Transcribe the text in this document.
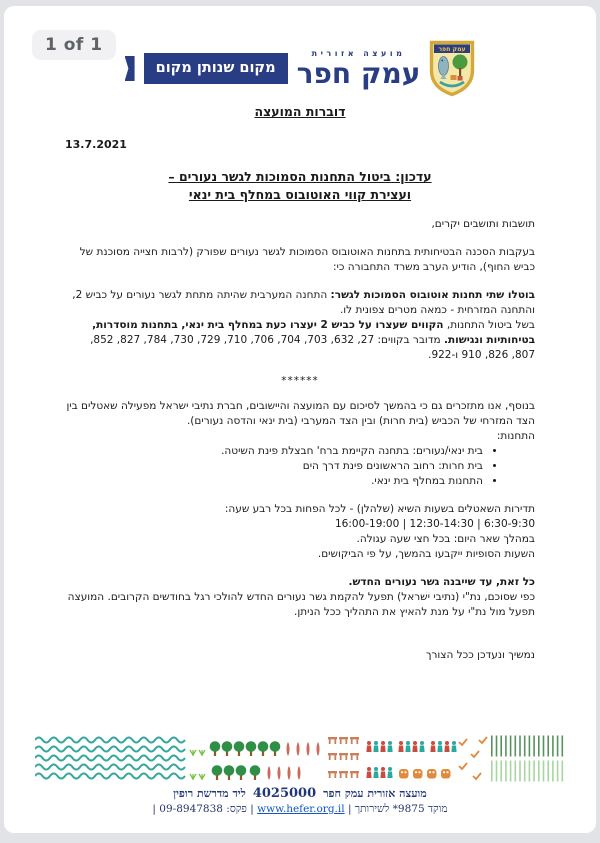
1 of 1	עמק חפר
מועצה אזורית
עמק חפר
מקום שנותן מקום
דוברות המועצה
13.7.2021
עדכון: ביטול התחנות הסמוכות לגשר נעורים –
ועצירת קווי האוטובוס במחלף בית ינאי

תושבות ותושבים יקרים,

בעקבות הסכנה הבטיחותית בתחנות האוטובוס הסמוכות לגשר נעורים שפורק (לרבות חצייה מסוכנת של כביש החוף), הודיע הערב משרד התחבורה כי:

בוטלו שתי תחנות אוטובוס הסמוכות לגשר: התחנה המערבית שהיתה מתחת לגשר נעורים על כביש 2, והתחנה המזרחית - כמאה מטרים צפונית לו.

בשל ביטול התחנות, הקווים שעצרו על כביש 2 יעצרו כעת במחלף בית ינאי, בתחנות מוסדרות, בטיחותיות ונגישות. מדובר בקווים: 27, 632, 703, 704, 706, 710, 729, 730, 784, 827, 852, 807, 826, 910 ו-922.

******

בנוסף, אנו מתזכרים גם כי בהמשך לסיכום עם המועצה והיישובים, חברת נתיבי ישראל מפעילה שאטלים בין הצד המזרחי של הכביש (בית חרות) ובין הצד המערבי (בית ינאי והדסה נעורים).

התחנות:
• בית ינאי/נעורים: בתחנה הקיימת ברח' חבצלת פינת השיטה.
• בית חרות: רחוב הראשונים פינת דרך הים
• התחנות במחלף בית ינאי.
תדירות השאטלים בשעות השיא (שלהלן) - לכל הפחות בכל רבע שעה:
6:30-9:30 | 12:30-14:30 | 16:00-19:00
במהלך שאר היום: בכל חצי שעה עגולה.
השעות הסופיות ייקבעו בהמשך, על פי הביקושים.

כל זאת, עד שייבנה גשר נעורים החדש.

כפי שסוכם, נת"י (נתיבי ישראל) תפעל להקמת גשר נעורים החדש להולכי רגל בחודשים הקרובים. המועצה תפעל מול נת"י על מנת להאיץ את התהליך ככל הניתן.

נמשיך ונעדכן ככל הצורך

מועצה אזורית עמק חפר4025000ליד מדרשת רופין
מוקד 9875* לשירותך | www.hefer.org.il | פקס: 09-8947838 |
